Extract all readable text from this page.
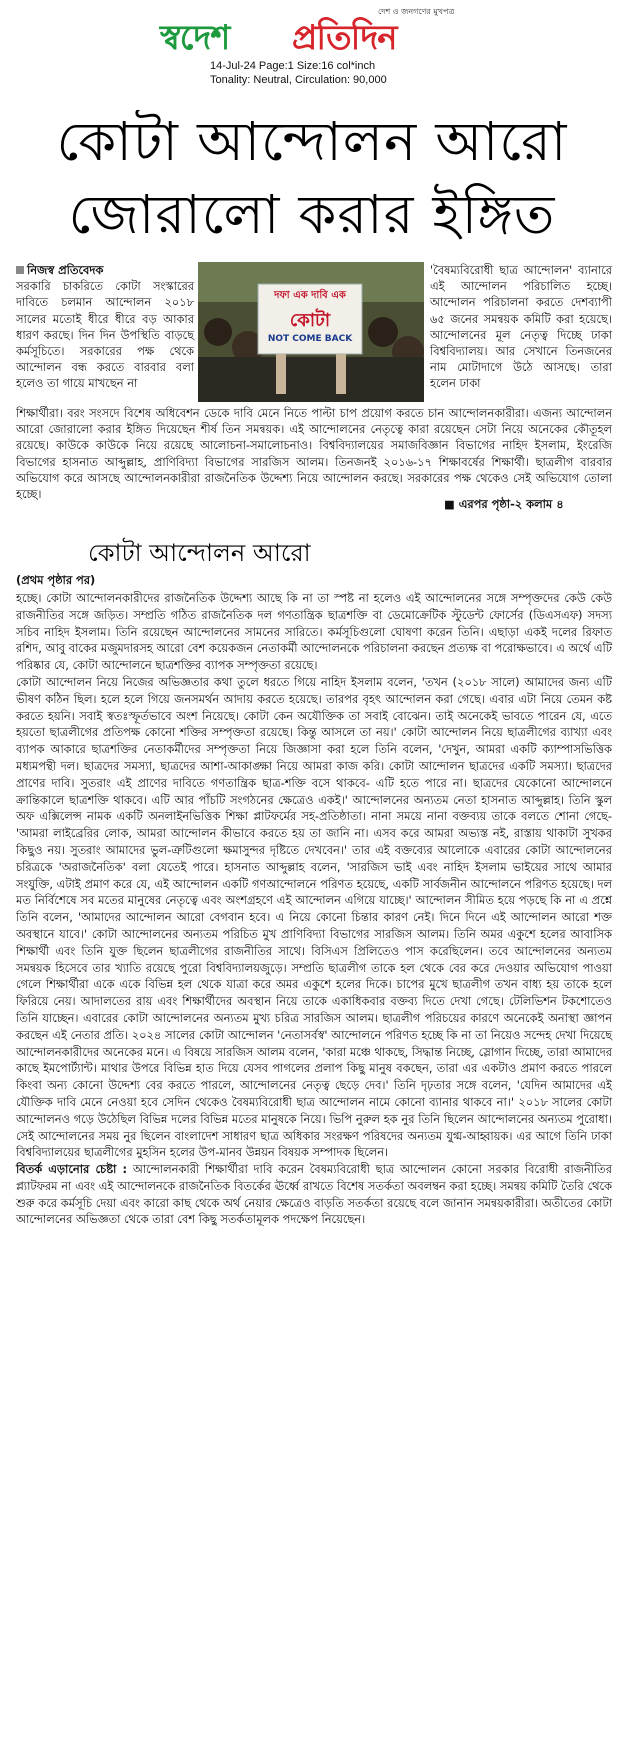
দেশ ও জনগণের মুখপত্র
স্বদেশ প্রতিদিন
14-Jul-24 Page:1 Size:16 col*inch
Tonality: Neutral, Circulation: 90,000
কোটা আন্দোলন আরো
জোরালো করার ইঙ্গিত

নিজস্ব প্রতিবেদক

সরকারি চাকরিতে কোটা সংস্কারের দাবিতে চলমান আন্দোলন ২০১৮ সালের মতোই ধীরে ধীরে বড় আকার ধারণ করছে। দিন দিন উপস্থিতি বাড়ছে কর্মসূচিতে। সরকারের পক্ষ থেকে আন্দোলন বন্ধ করতে বারবার বলা হলেও তা গায়ে মাখছেন না

দফা এক দাবি এক
কোটা
NOT COME BACK

'বৈষম্যবিরোধী ছাত্র আন্দোলন' ব্যানারে এই আন্দোলন পরিচালিত হচ্ছে। আন্দোলন পরিচালনা করতে দেশব্যাপী ৬৫ জনের সমন্বয়ক কমিটি করা হয়েছে। আন্দোলনের মূল নেতৃত্ব দিচ্ছে ঢাকা বিশ্ববিদ্যালয়। আর সেখানে তিনজনের নাম মোটাদাগে উঠে আসছে। তারা হলেন ঢাকা

শিক্ষার্থীরা। বরং সংসদে বিশেষ অধিবেশন ডেকে দাবি মেনে নিতে পাল্টা চাপ প্রয়োগ করতে চান আন্দোলনকারীরা। এজন্য আন্দোলন আরো জোরালো করার ইঙ্গিত দিয়েছেন শীর্ষ তিন সমন্বয়ক। এই আন্দোলনের নেতৃত্বে কারা রয়েছেন সেটা নিয়ে অনেকের কৌতূহল রয়েছে। কাউকে কাউকে নিয়ে রয়েছে আলোচনা-সমালোচনাও। বিশ্ববিদ্যালয়ের সমাজবিজ্ঞান বিভাগের নাহিদ ইসলাম, ইংরেজি বিভাগের হাসনাত আব্দুল্লাহ, প্রাণিবিদ্যা বিভাগের সারজিস আলম। তিনজনই ২০১৬-১৭ শিক্ষাবর্ষের শিক্ষার্থী। ছাত্রলীগ বারবার অভিযোগ করে আসছে আন্দোলনকারীরা রাজনৈতিক উদ্দেশ্য নিয়ে আন্দোলন করছে। সরকারের পক্ষ থেকেও সেই অভিযোগ তোলা হচ্ছে।

কোটা আন্দোলন আরো
(প্রথম পৃষ্ঠার পর)

হচ্ছে। কোটা আন্দোলনকারীদের রাজনৈতিক উদ্দেশ্য আছে কি না তা স্পষ্ট না হলেও এই আন্দোলনের সঙ্গে সম্পৃক্তদের কেউ কেউ রাজনীতির সঙ্গে জড়িত। সম্প্রতি গঠিত রাজনৈতিক দল গণতান্ত্রিক ছাত্রশক্তি বা ডেমোক্রেটিক স্টুডেন্ট ফোর্সের (ডিএসএফ) সদস্য সচিব নাহিদ ইসলাম। তিনি রয়েছেন আন্দোলনের সামনের সারিতে। কর্মসূচিগুলো ঘোষণা করেন তিনি। এছাড়া একই দলের রিফাত রশিদ, আবু বাকের মজুমদারসহ আরো বেশ কয়েকজন নেতাকর্মী আন্দোলনকে পরিচালনা করছেন প্রত্যক্ষ বা পরোক্ষভাবে। এ অর্থে এটি পরিষ্কার যে, কোটা আন্দোলনে ছাত্রশক্তির ব্যাপক সম্পৃক্ততা রয়েছে।

কোটা আন্দোলন নিয়ে নিজের অভিজ্ঞতার কথা তুলে ধরতে গিয়ে নাহিদ ইসলাম বলেন, 'তখন (২০১৮ সালে) আমাদের জন্য এটি ভীষণ কঠিন ছিল। হলে হলে গিয়ে জনসমর্থন আদায় করতে হয়েছে। তারপর বৃহৎ আন্দোলন করা গেছে। এবার এটা নিয়ে তেমন কষ্ট করতে হয়নি। সবাই স্বতঃস্ফূর্তভাবে অংশ নিয়েছে। কোটা কেন অযৌক্তিক তা সবাই বোঝেন। তাই অনেকেই ভাবতে পারেন যে, এতে হয়তো ছাত্রলীগের প্রতিপক্ষ কোনো শক্তির সম্পৃক্ততা রয়েছে। কিন্তু আসলে তা নয়।' কোটা আন্দোলন নিয়ে ছাত্রলীগের ব্যাখ্যা এবং ব্যাপক আকারে ছাত্রশক্তির নেতাকর্মীদের সম্পৃক্ততা নিয়ে জিজ্ঞাসা করা হলে তিনি বলেন, 'দেখুন, আমরা একটি ক্যাম্পাসভিত্তিক মধ্যমপন্থী দল। ছাত্রদের সমস্যা, ছাত্রদের আশা-আকাঙ্ক্ষা নিয়ে আমরা কাজ করি। কোটা আন্দোলন ছাত্রদের একটি সমস্যা। ছাত্রদের প্রাণের দাবি। সুতরাং এই প্রাণের দাবিতে গণতান্ত্রিক ছাত্র-শক্তি বসে থাকবে- এটি হতে পারে না। ছাত্রদের যেকোনো আন্দোলনে ক্রান্তিকালে ছাত্রশক্তি থাকবে। এটি আর পাঁচটি সংগঠনের ক্ষেত্রেও একই।' আন্দোলনের অন্যতম নেতা হাসনাত আব্দুল্লাহ। তিনি স্কুল অফ এক্সিলেন্স নামক একটি অনলাইনভিত্তিক শিক্ষা প্লাটফর্মের সহ-প্রতিষ্ঠাতা। নানা সময়ে নানা বক্তব্যয় তাকে বলতে শোনা গেছে-'আমরা লাইব্রেরির লোক, আমরা আন্দোলন কীভাবে করতে হয় তা জানি না। এসব করে আমরা অভ্যস্ত নই, রাস্তায় থাকাটা সুখকর কিছুও নয়। সুতরাং আমাদের ভুল-ত্রুটিগুলো ক্ষমাসুন্দর দৃষ্টিতে দেখবেন।' তার এই বক্তব্যের আলোকে এবারের কোটা আন্দোলনের চরিত্রকে 'অরাজনৈতিক' বলা যেতেই পারে। হাসনাত আব্দুল্লাহ বলেন, 'সারজিস ভাই এবং নাহিদ ইসলাম ভাইয়ের সাথে আমার সংযুক্তি, এটাই প্রমাণ করে যে, এই আন্দোলন একটি গণআন্দোলনে পরিণত হয়েছে, একটি সার্বজনীন আন্দোলনে পরিণত হয়েছে। দল মত নির্বিশেষে সব মতের মানুষের নেতৃত্বে এবং অংশগ্রহণে এই আন্দোলন এগিয়ে যাচ্ছে।' আন্দোলন সীমিত হয়ে পড়ছে কি না এ প্রশ্নে তিনি বলেন, 'আমাদের আন্দোলন আরো বেগবান হবে। এ নিয়ে কোনো চিন্তার কারণ নেই। দিনে দিনে এই আন্দোলন আরো শক্ত অবস্থানে যাবে।' কোটা আন্দোলনের অন্যতম পরিচিত মুখ প্রাণিবিদ্যা বিভাগের সারজিস আলম। তিনি অমর একুশে হলের আবাসিক শিক্ষার্থী এবং তিনি যুক্ত ছিলেন ছাত্রলীগের রাজনীতির সাথে। বিসিএস প্রিলিতেও পাস করেছিলেন। তবে আন্দোলনের অন্যতম সমন্বয়ক হিসেবে তার খ্যাতি রয়েছে পুরো বিশ্ববিদ্যালয়জুড়ে। সম্প্রতি ছাত্রলীগ তাকে হল থেকে বের করে দেওয়ার অভিযোগ পাওয়া গেলে শিক্ষার্থীরা একে একে বিভিন্ন হল থেকে যাত্রা করে অমর একুশে হলের দিকে। চাপের মুখে ছাত্রলীগ তখন বাধ্য হয় তাকে হলে ফিরিয়ে নেয়। আদালতের রায় এবং শিক্ষার্থীদের অবস্থান নিয়ে তাকে একাধিকবার বক্তব্য দিতে দেখা গেছে। টেলিভিশন টকশোতেও তিনি যাচ্ছেন। এবারের কোটা আন্দোলনের অন্যতম মুখ্য চরিত্র সারজিস আলম। ছাত্রলীগ পরিচয়ের কারণে অনেকেই অনাস্থা জ্ঞাপন করছেন এই নেতার প্রতি। ২০২৪ সালের কোটা আন্দোলন 'নেতাসর্বস্ব' আন্দোলনে পরিণত হচ্ছে কি না তা নিয়েও সন্দেহ দেখা দিয়েছে আন্দোলনকারীদের অনেকের মনে। এ বিষয়ে সারজিস আলম বলেন, 'কারা মঞ্চে থাকছে, সিদ্ধান্ত নিচ্ছে, স্লোগান দিচ্ছে, তারা আমাদের কাছে ইমপোর্ট্যান্ট। মাথার উপরে বিভিন্ন হাত দিয়ে যেসব পাগলের প্রলাপ কিছু মানুষ বকছেন, তারা এর একটাও প্রমাণ করতে পারলে কিংবা অন্য কোনো উদ্দেশ্য বের করতে পারলে, আন্দোলনের নেতৃত্ব ছেড়ে দেব।' তিনি দৃঢ়তার সঙ্গে বলেন, 'যেদিন আমাদের এই যৌক্তিক দাবি মেনে নেওয়া হবে সেদিন থেকেও বৈষম্যবিরোধী ছাত্র আন্দোলন নামে কোনো ব্যানার থাকবে না।' ২০১৮ সালের কোটা আন্দোলনও গড়ে উঠেছিল বিভিন্ন দলের বিভিন্ন মতের মানুষকে নিয়ে। ভিপি নুরুল হক নুর তিনি ছিলেন আন্দোলনের অন্যতম পুরোধা। সেই আন্দোলনের সময় নুর ছিলেন বাংলাদেশ সাধারণ ছাত্র অধিকার সংরক্ষণ পরিষদের অন্যতম যুগ্ম-আহ্বায়ক। এর আগে তিনি ঢাকা বিশ্ববিদ্যালয়ের ছাত্রলীগের মুহসিন হলের উপ-মানব উন্নয়ন বিষয়ক সম্পাদক ছিলেন।

বিতর্ক এড়ানোর চেষ্টা : আন্দোলনকারী শিক্ষার্থীরা দাবি করেন বৈষম্যবিরোধী ছাত্র আন্দোলন কোনো সরকার বিরোধী রাজনীতির প্ল্যাটফরম না এবং এই আন্দোলনকে রাজনৈতিক বিতর্কের ঊর্ধ্বে রাখতে বিশেষ সতর্কতা অবলম্বন করা হচ্ছে। সমন্বয় কমিটি তৈরি থেকে শুরু করে কর্মসূচি দেয়া এবং কারো কাছ থেকে অর্থ নেয়ার ক্ষেত্রেও বাড়তি সতর্কতা রয়েছে বলে জানান সমন্বয়কারীরা। অতীতের কোটা আন্দোলনের অভিজ্ঞতা থেকে তারা বেশ কিছু সতর্কতামূলক পদক্ষেপ নিয়েছেন।

■ এরপর পৃষ্ঠা-২ কলাম ৪
